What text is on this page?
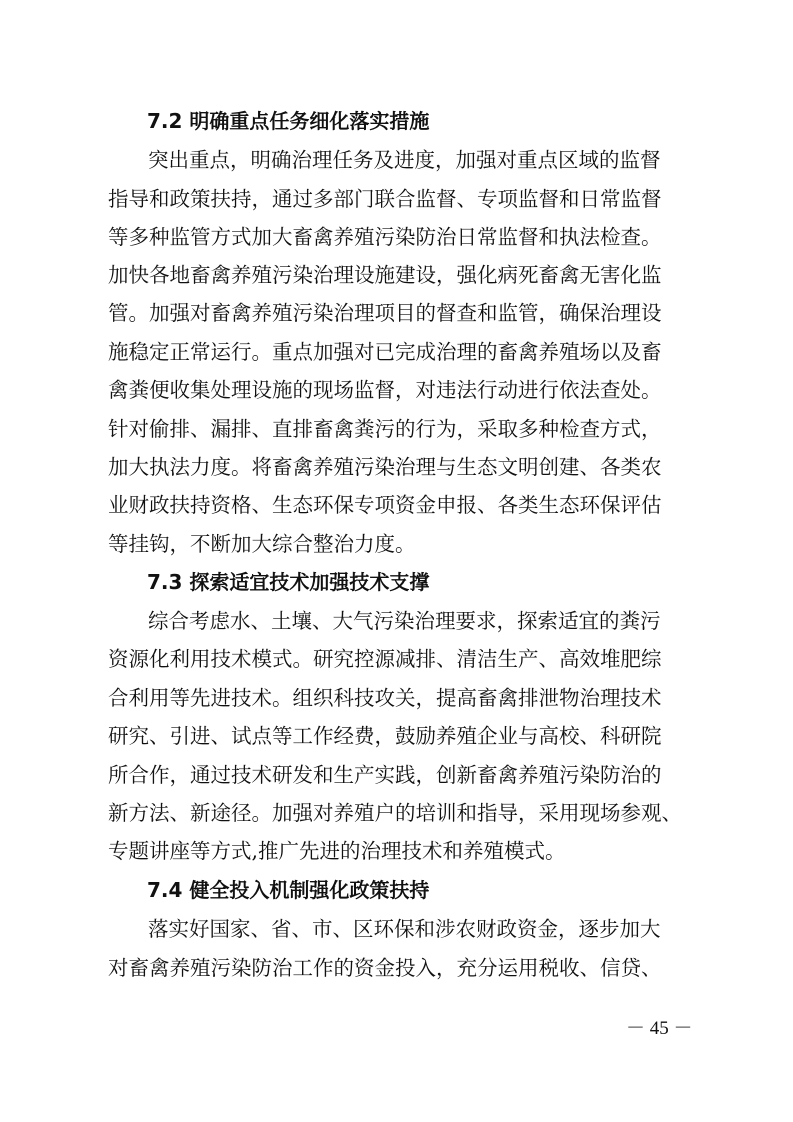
7.2 明确重点任务细化落实措施
突出重点，明确治理任务及进度，加强对重点区域的监督
指导和政策扶持，通过多部门联合监督、专项监督和日常监督
等多种监管方式加大畜禽养殖污染防治日常监督和执法检查。
加快各地畜禽养殖污染治理设施建设，强化病死畜禽无害化监
管。加强对畜禽养殖污染治理项目的督查和监管，确保治理设
施稳定正常运行。重点加强对已完成治理的畜禽养殖场以及畜
禽粪便收集处理设施的现场监督，对违法行动进行依法查处。
针对偷排、漏排、直排畜禽粪污的行为，采取多种检查方式，
加大执法力度。将畜禽养殖污染治理与生态文明创建、各类农
业财政扶持资格、生态环保专项资金申报、各类生态环保评估
等挂钩，不断加大综合整治力度。
7.3 探索适宜技术加强技术支撑
综合考虑水、土壤、大气污染治理要求，探索适宜的粪污
资源化利用技术模式。研究控源减排、清洁生产、高效堆肥综
合利用等先进技术。组织科技攻关，提高畜禽排泄物治理技术
研究、引进、试点等工作经费，鼓励养殖企业与高校、科研院
所合作，通过技术研发和生产实践，创新畜禽养殖污染防治的
新方法、新途径。加强对养殖户的培训和指导，采用现场参观、
专题讲座等方式,推广先进的治理技术和养殖模式。
7.4 健全投入机制强化政策扶持
落实好国家、省、市、区环保和涉农财政资金，逐步加大
对畜禽养殖污染防治工作的资金投入，充分运用税收、信贷、
－ 45 －
